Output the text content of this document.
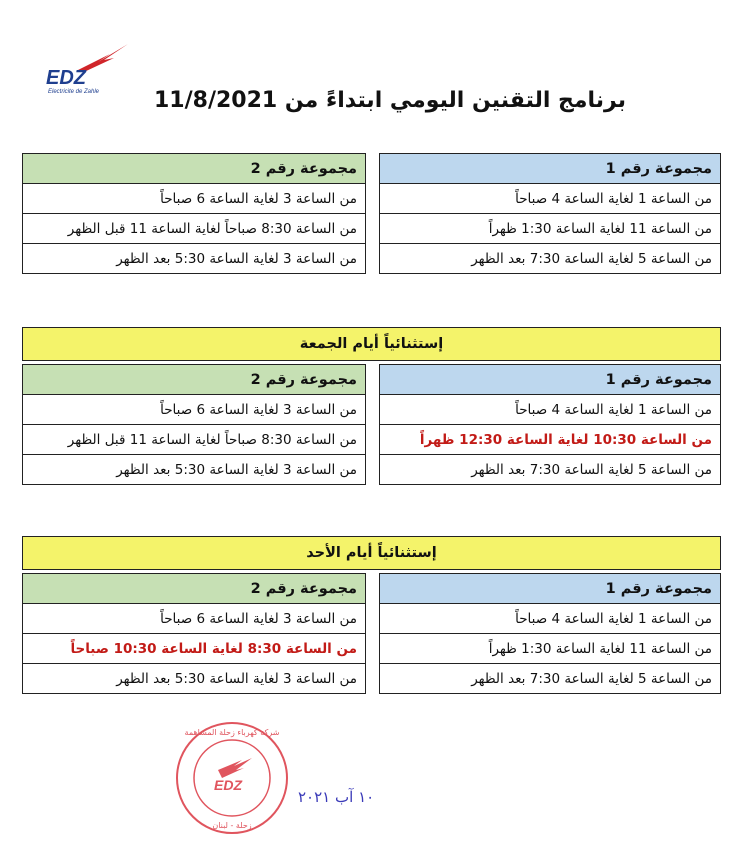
EDZ
Electricite de Zahle برنامج التقنين اليومي ابتداءً من 11/8/2021
مجموعة رقم 1
من الساعة 1 لغاية الساعة 4 صباحاً
من الساعة 11 لغاية الساعة 1:30 ظهراً
من الساعة 5 لغاية الساعة 7:30 بعد الظهر
مجموعة رقم 2
من الساعة 3 لغاية الساعة 6 صباحاً
من الساعة 8:30 صباحاً لغاية الساعة 11 قبل الظهر
من الساعة 3 لغاية الساعة 5:30 بعد الظهر
إستثنائياً أيام الجمعة
مجموعة رقم 1
من الساعة 1 لغاية الساعة 4 صباحاً
من الساعة 10:30 لغاية الساعة 12:30 ظهراً
من الساعة 5 لغاية الساعة 7:30 بعد الظهر
مجموعة رقم 2
من الساعة 3 لغاية الساعة 6 صباحاً
من الساعة 8:30 صباحاً لغاية الساعة 11 قبل الظهر
من الساعة 3 لغاية الساعة 5:30 بعد الظهر
إستثنائياً أيام الأحد
مجموعة رقم 1
من الساعة 1 لغاية الساعة 4 صباحاً
من الساعة 11 لغاية الساعة 1:30 ظهراً
من الساعة 5 لغاية الساعة 7:30 بعد الظهر
مجموعة رقم 2
من الساعة 3 لغاية الساعة 6 صباحاً
من الساعة 8:30 لغاية الساعة 10:30 صباحاً
من الساعة 3 لغاية الساعة 5:30 بعد الظهر
EDZ
شركة كهرباء زحلة المساهمة
زحلة - لبنان
١٠ آب ٢٠٢١
